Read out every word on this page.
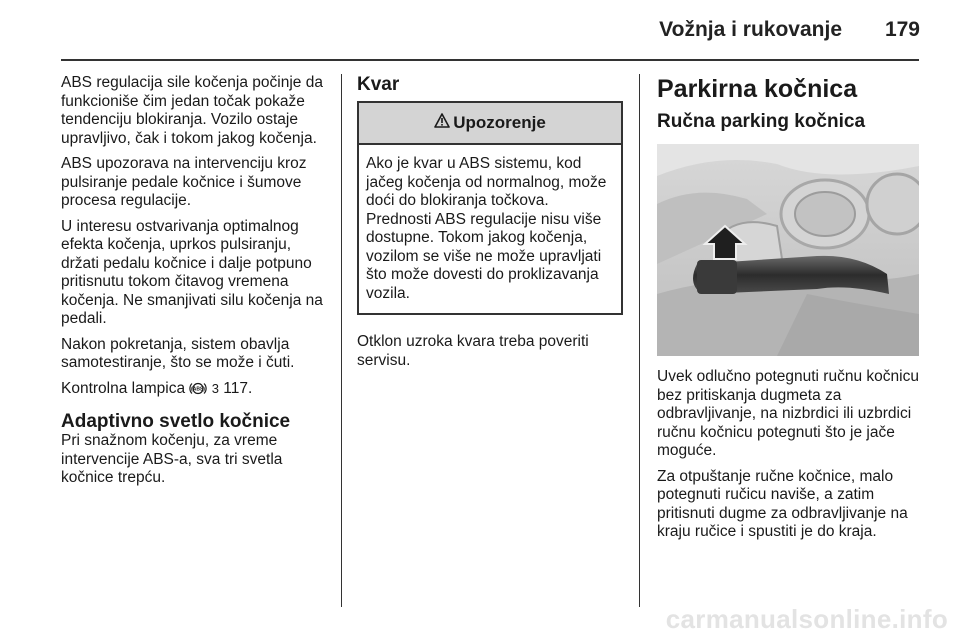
Vožnja i rukovanje 179

ABS regulacija sile kočenja počinje da funkcioniše čim jedan točak pokaže tendenciju blokiranja. Vozilo ostaje upravljivo, čak i tokom jakog kočenja.

ABS upozorava na intervenciju kroz pulsiranje pedale kočnice i šumove procesa regulacije.

U interesu ostvarivanja optimalnog efekta kočenja, uprkos pulsiranju, držati pedalu kočnice i dalje potpuno pritisnutu tokom čitavog vremena kočenja. Ne smanjivati silu kočenja na pedali.

Nakon pokretanja, sistem obavlja samotestiranje, što se može i čuti.

Kontrolna lampica (ABS) 3 117.

Adaptivno svetlo kočnice

Pri snažnom kočenju, za vreme intervencije ABS-a, sva tri svetla kočnice trepću.

Kvar
Upozorenje
Ako je kvar u ABS sistemu, kod jačeg kočenja od normalnog, može doći do blokiranja točkova. Prednosti ABS regulacije nisu više dostupne. Tokom jakog kočenja, vozilom se više ne može upravljati što može dovesti do proklizavanja vozila.

Otklon uzroka kvara treba poveriti servisu.

Parkirna kočnica
Ručna parking kočnica

Uvek odlučno potegnuti ručnu kočnicu bez pritiskanja dugmeta za odbravljivanje, na nizbrdici ili uzbrdici ručnu kočnicu potegnuti što je jače moguće.

Za otpuštanje ručne kočnice, malo potegnuti ručicu naviše, a zatim pritisnuti dugme za odbravljivanje na kraju ručice i spustiti je do kraja.

carmanualsonline.info
